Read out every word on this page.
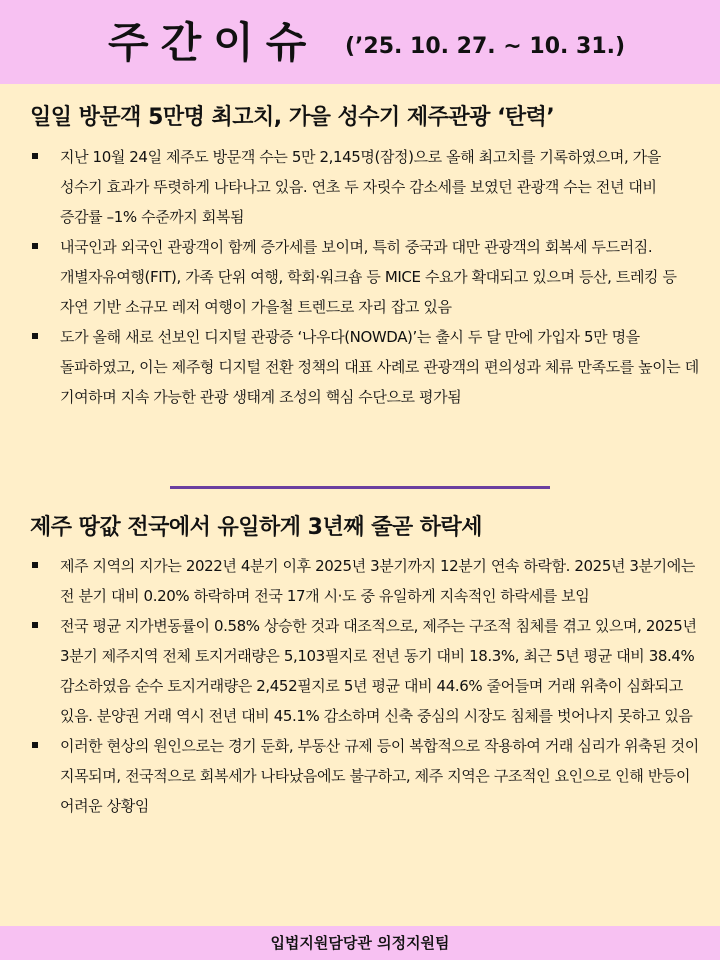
주간이슈 (’25. 10. 27. ~ 10. 31.)
일일 방문객 5만명 최고치, 가을 성수기 제주관광 ‘탄력’
지난 10월 24일 제주도 방문객 수는 5만 2,145명(잠정)으로 올해 최고치를 기록하였으며, 가을 성수기 효과가 뚜렷하게 나타나고 있음. 연초 두 자릿수 감소세를 보였던 관광객 수는 전년 대비 증감률 –1% 수준까지 회복됨
내국인과 외국인 관광객이 함께 증가세를 보이며, 특히 중국과 대만 관광객의 회복세 두드러짐. 개별자유여행(FIT), 가족 단위 여행, 학회·워크숍 등 MICE 수요가 확대되고 있으며 등산, 트레킹 등 자연 기반 소규모 레저 여행이 가을철 트렌드로 자리 잡고 있음
도가 올해 새로 선보인 디지털 관광증 ‘나우다(NOWDA)’는 출시 두 달 만에 가입자 5만 명을 돌파하였고, 이는 제주형 디지털 전환 정책의 대표 사례로 관광객의 편의성과 체류 만족도를 높이는 데 기여하며 지속 가능한 관광 생태계 조성의 핵심 수단으로 평가됨
제주 땅값 전국에서 유일하게 3년째 줄곧 하락세
제주 지역의 지가는 2022년 4분기 이후 2025년 3분기까지 12분기 연속 하락함. 2025년 3분기에는 전 분기 대비 0.20% 하락하며 전국 17개 시·도 중 유일하게 지속적인 하락세를 보임
전국 평균 지가변동률이 0.58% 상승한 것과 대조적으로, 제주는 구조적 침체를 겪고 있으며, 2025년 3분기 제주지역 전체 토지거래량은 5,103필지로 전년 동기 대비 18.3%, 최근 5년 평균 대비 38.4% 감소하였음 순수 토지거래량은 2,452필지로 5년 평균 대비 44.6% 줄어들며 거래 위축이 심화되고 있음. 분양권 거래 역시 전년 대비 45.1% 감소하며 신축 중심의 시장도 침체를 벗어나지 못하고 있음
이러한 현상의 원인으로는 경기 둔화, 부동산 규제 등이 복합적으로 작용하여 거래 심리가 위축된 것이 지목되며, 전국적으로 회복세가 나타났음에도 불구하고, 제주 지역은 구조적인 요인으로 인해 반등이 어려운 상황임
입법지원담당관 의정지원팀
